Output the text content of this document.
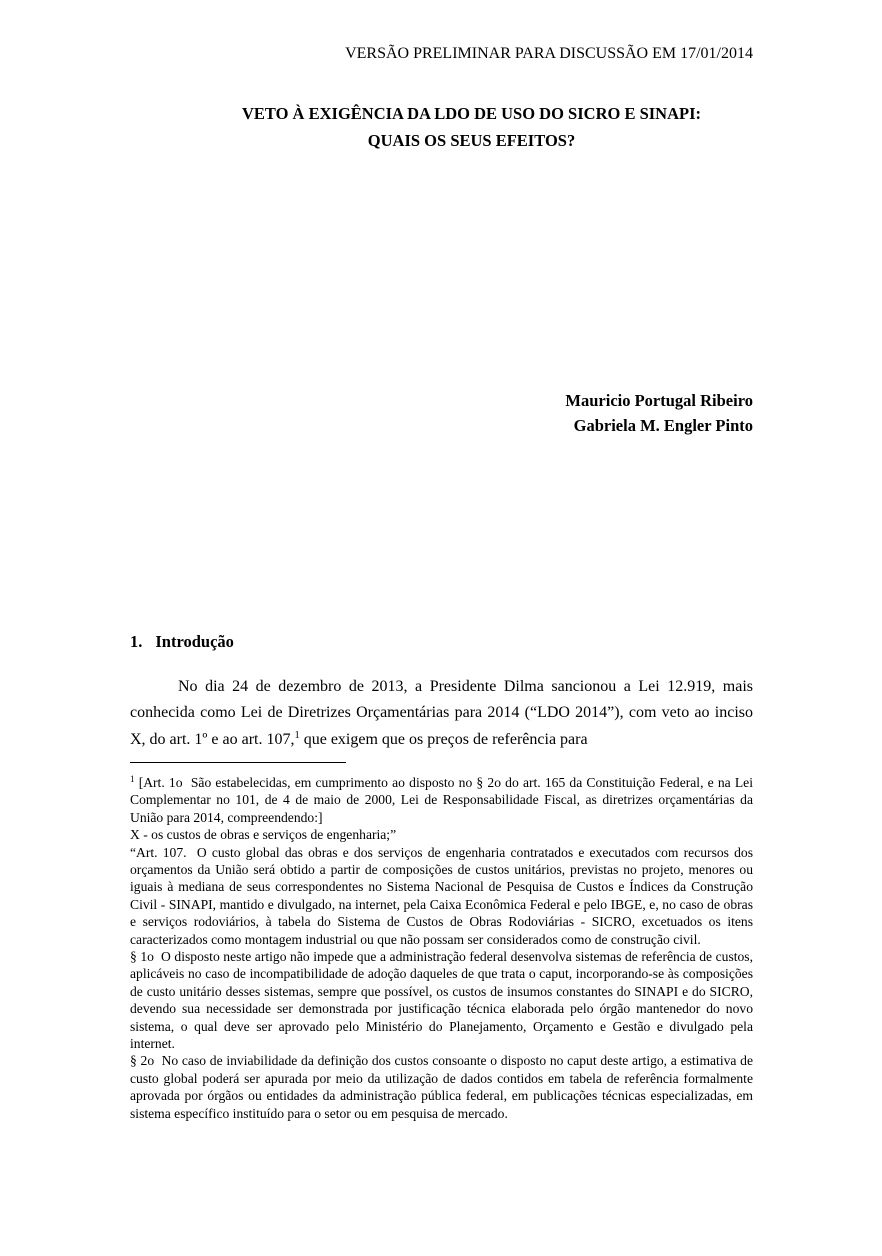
VERSÃO PRELIMINAR PARA DISCUSSÃO EM 17/01/2014
VETO À EXIGÊNCIA DA LDO DE USO DO SICRO E SINAPI:
QUAIS OS SEUS EFEITOS?
Mauricio Portugal Ribeiro
Gabriela M. Engler Pinto
1. Introdução

No dia 24 de dezembro de 2013, a Presidente Dilma sancionou a Lei 12.919, mais conhecida como Lei de Diretrizes Orçamentárias para 2014 (“LDO 2014”), com veto ao inciso X, do art. 1º e ao art. 107,$^1$ que exigem que os preços de referência para

$^1$ [Art. 1o  São estabelecidas, em cumprimento ao disposto no § 2o do art. 165 da Constituição Federal, e na Lei Complementar no 101, de 4 de maio de 2000, Lei de Responsabilidade Fiscal, as diretrizes orçamentárias da União para 2014, compreendendo:]

X - os custos de obras e serviços de engenharia;”

“Art. 107.  O custo global das obras e dos serviços de engenharia contratados e executados com recursos dos orçamentos da União será obtido a partir de composições de custos unitários, previstas no projeto, menores ou iguais à mediana de seus correspondentes no Sistema Nacional de Pesquisa de Custos e Índices da Construção Civil - SINAPI, mantido e divulgado, na internet, pela Caixa Econômica Federal e pelo IBGE, e, no caso de obras e serviços rodoviários, à tabela do Sistema de Custos de Obras Rodoviárias - SICRO, excetuados os itens caracterizados como montagem industrial ou que não possam ser considerados como de construção civil.

§ 1o  O disposto neste artigo não impede que a administração federal desenvolva sistemas de referência de custos, aplicáveis no caso de incompatibilidade de adoção daqueles de que trata o caput, incorporando-se às composições de custo unitário desses sistemas, sempre que possível, os custos de insumos constantes do SINAPI e do SICRO, devendo sua necessidade ser demonstrada por justificação técnica elaborada pelo órgão mantenedor do novo sistema, o qual deve ser aprovado pelo Ministério do Planejamento, Orçamento e Gestão e divulgado pela internet.

§ 2o  No caso de inviabilidade da definição dos custos consoante o disposto no caput deste artigo, a estimativa de custo global poderá ser apurada por meio da utilização de dados contidos em tabela de referência formalmente aprovada por órgãos ou entidades da administração pública federal, em publicações técnicas especializadas, em sistema específico instituído para o setor ou em pesquisa de mercado.
